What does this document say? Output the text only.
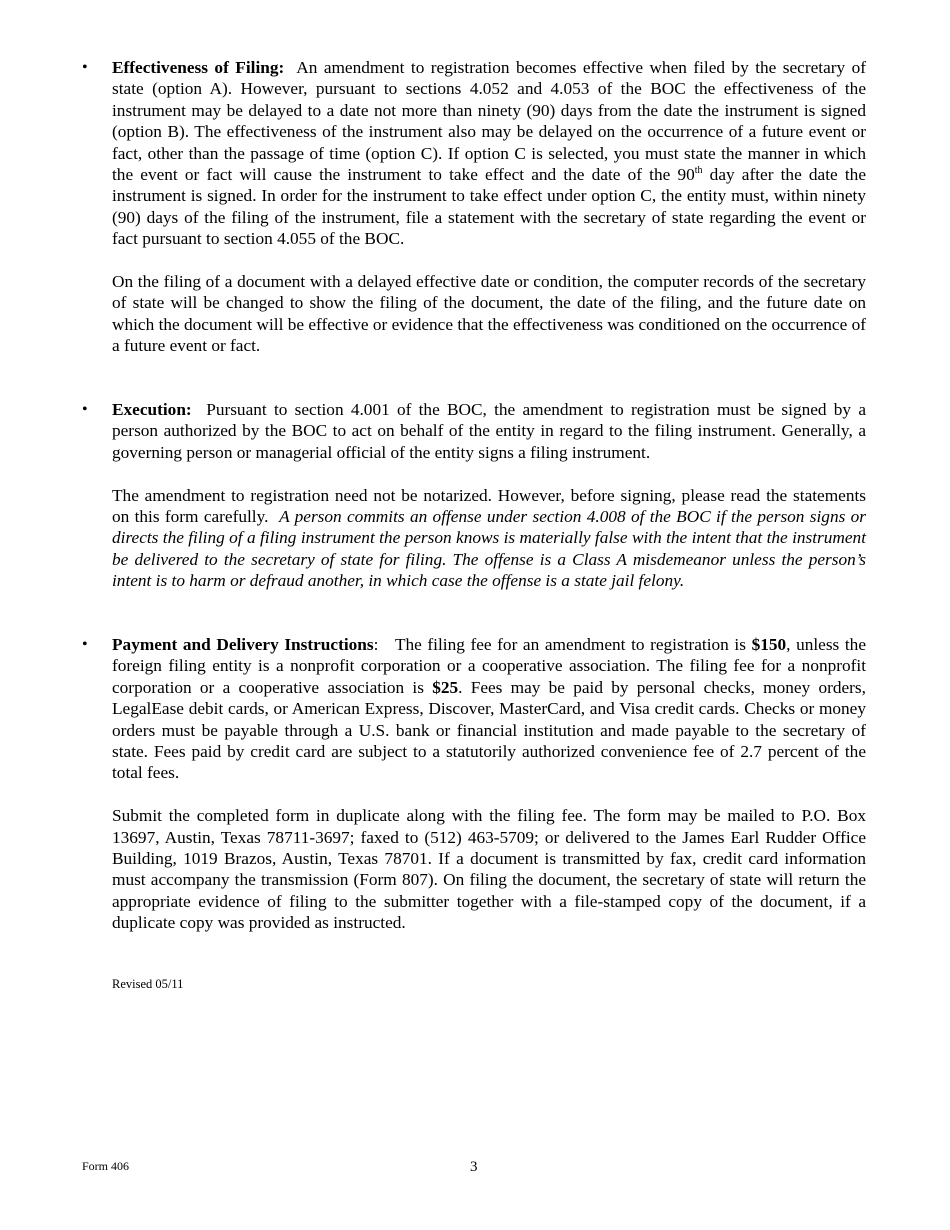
•	Effectiveness of Filing: An amendment to registration becomes effective when filed by the secretary of state (option A). However, pursuant to sections 4.052 and 4.053 of the BOC the effectiveness of the instrument may be delayed to a date not more than ninety (90) days from the date the instrument is signed (option B). The effectiveness of the instrument also may be delayed on the occurrence of a future event or fact, other than the passage of time (option C). If option C is selected, you must state the manner in which the event or fact will cause the instrument to take effect and the date of the 90th day after the date the instrument is signed. In order for the instrument to take effect under option C, the entity must, within ninety (90) days of the filing of the instrument, file a statement with the secretary of state regarding the event or fact pursuant to section 4.055 of the BOC.

On the filing of a document with a delayed effective date or condition, the computer records of the secretary of state will be changed to show the filing of the document, the date of the filing, and the future date on which the document will be effective or evidence that the effectiveness was conditioned on the occurrence of a future event or fact.

•	Execution: Pursuant to section 4.001 of the BOC, the amendment to registration must be signed by a person authorized by the BOC to act on behalf of the entity in regard to the filing instrument. Generally, a governing person or managerial official of the entity signs a filing instrument.

The amendment to registration need not be notarized. However, before signing, please read the statements on this form carefully. A person commits an offense under section 4.008 of the BOC if the person signs or directs the filing of a filing instrument the person knows is materially false with the intent that the instrument be delivered to the secretary of state for filing. The offense is a Class A misdemeanor unless the person’s intent is to harm or defraud another, in which case the offense is a state jail felony.

•	Payment and Delivery Instructions: The filing fee for an amendment to registration is $150, unless the foreign filing entity is a nonprofit corporation or a cooperative association. The filing fee for a nonprofit corporation or a cooperative association is $25. Fees may be paid by personal checks, money orders, LegalEase debit cards, or American Express, Discover, MasterCard, and Visa credit cards. Checks or money orders must be payable through a U.S. bank or financial institution and made payable to the secretary of state. Fees paid by credit card are subject to a statutorily authorized convenience fee of 2.7 percent of the total fees.

Submit the completed form in duplicate along with the filing fee. The form may be mailed to P.O. Box 13697, Austin, Texas 78711-3697; faxed to (512) 463-5709; or delivered to the James Earl Rudder Office Building, 1019 Brazos, Austin, Texas 78701. If a document is transmitted by fax, credit card information must accompany the transmission (Form 807). On filing the document, the secretary of state will return the appropriate evidence of filing to the submitter together with a file-stamped copy of the document, if a duplicate copy was provided as instructed.

Revised 05/11
Form 406	3
